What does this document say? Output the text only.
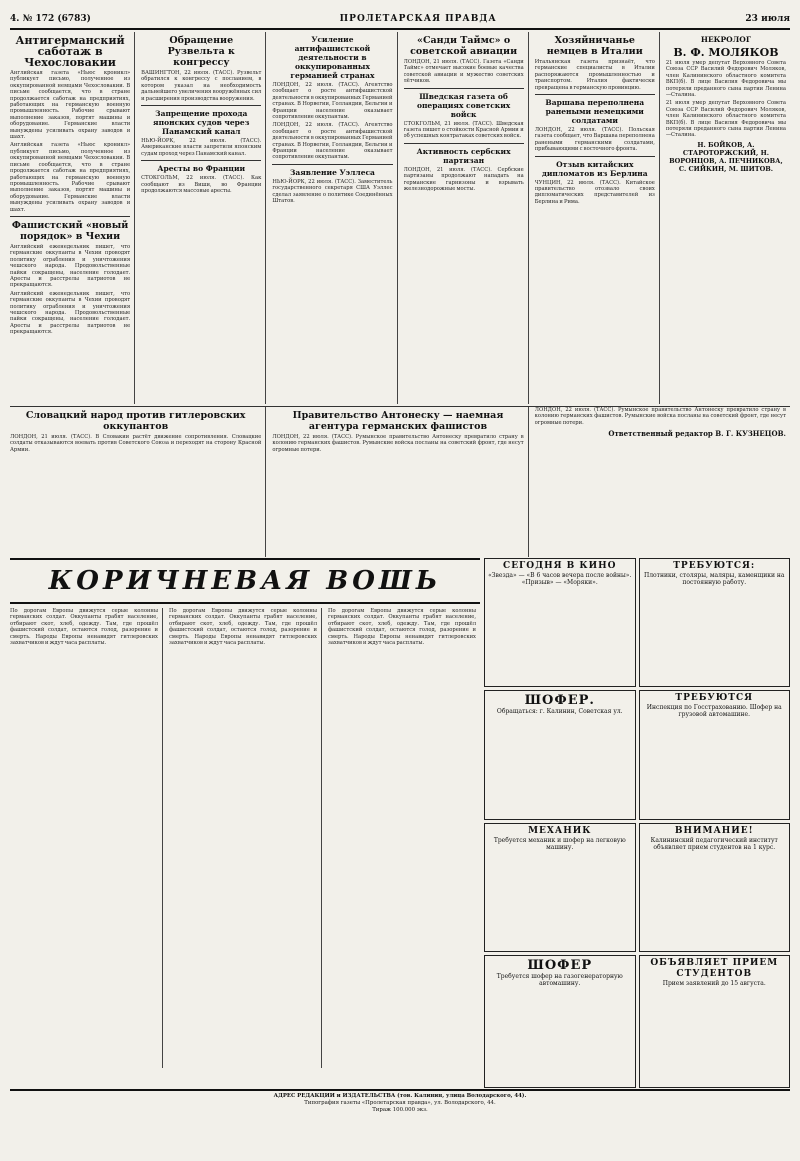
4. № 172 (6783)	ПРОЛЕТАРСКАЯ ПРАВДА	23 июля
Антигерманский саботаж в Чехословакии

Английская газета «Ньюс кроникл» публикует письмо, полученное из оккупированной немцами Чехословакии. В письме сообщается, что в стране продолжается саботаж на предприятиях, работающих на германскую военную промышленность. Рабочие срывают выполнение заказов, портят машины и оборудование. Германские власти вынуждены усиливать охрану заводов и шахт.

Английская газета «Ньюс кроникл» публикует письмо, полученное из оккупированной немцами Чехословакии. В письме сообщается, что в стране продолжается саботаж на предприятиях, работающих на германскую военную промышленность. Рабочие срывают выполнение заказов, портят машины и оборудование. Германские власти вынуждены усиливать охрану заводов и шахт.

Фашистский «новый порядок» в Чехии

Английский еженедельник пишет, что германские оккупанты в Чехии проводят политику ограбления и уничтожения чешского народа. Продовольственные пайки сокращены, население голодает. Аресты и расстрелы патриотов не прекращаются.

Английский еженедельник пишет, что германские оккупанты в Чехии проводят политику ограбления и уничтожения чешского народа. Продовольственные пайки сокращены, население голодает. Аресты и расстрелы патриотов не прекращаются.

Обращение Рузвельта к конгрессу

ВАШИНГТОН, 22 июля. (ТАСС). Рузвельт обратился к конгрессу с посланием, в котором указал на необходимость дальнейшего увеличения вооружённых сил и расширения производства вооружения.

Запрещение прохода японских судов через Панамский канал

НЬЮ-ЙОРК, 22 июля. (ТАСС). Американские власти запретили японским судам проход через Панамский канал.

Аресты во Франции

СТОКГОЛЬМ, 22 июля. (ТАСС). Как сообщают из Виши, во Франции продолжаются массовые аресты.

Усиление антифашистской деятельности в оккупированных германией странах

ЛОНДОН, 22 июля. (ТАСС). Агентство сообщает о росте антифашистской деятельности в оккупированных Германией странах. В Норвегии, Голландии, Бельгии и Франции население оказывает сопротивление оккупантам.

ЛОНДОН, 22 июля. (ТАСС). Агентство сообщает о росте антифашистской деятельности в оккупированных Германией странах. В Норвегии, Голландии, Бельгии и Франции население оказывает сопротивление оккупантам.

Заявление Уэллеса

НЬЮ-ЙОРК, 22 июля. (ТАСС). Заместитель государственного секретаря США Уэллес сделал заявление о политике Соединённых Штатов.

«Санди Таймс» о советской авиации

ЛОНДОН, 21 июля. (ТАСС). Газета «Санди Таймс» отмечает высокие боевые качества советской авиации и мужество советских лётчиков.

Шведская газета об операциях советских войск

СТОКГОЛЬМ, 21 июля. (ТАСС). Шведская газета пишет о стойкости Красной Армии и об успешных контратаках советских войск.

Активность сербских партизан

ЛОНДОН, 21 июля. (ТАСС). Сербские партизаны продолжают нападать на германские гарнизоны и взрывать железнодорожные мосты.

Хозяйничанье немцев в Италии

Итальянская газета признаёт, что германские специалисты в Италии распоряжаются промышленностью и транспортом. Италия фактически превращена в германскую провинцию.

Варшава переполнена ранеными немецкими солдатами

ЛОНДОН, 22 июля. (ТАСС). Польская газета сообщает, что Варшава переполнена ранеными германскими солдатами, прибывающими с восточного фронта.

Отзыв китайских дипломатов из Берлина

ЧУНЦИН, 22 июля. (ТАСС). Китайское правительство отозвало своих дипломатических представителей из Берлина и Рима.

НЕКРОЛОГ
В. Ф. МОЛЯКОВ

21 июля умер депутат Верховного Совета Союза ССР Василий Федорович Моляков, член Калининского областного комитета ВКП(б). В лице Василия Федоровича мы потеряли преданного сына партии Ленина—Сталина.

21 июля умер депутат Верховного Совета Союза ССР Василий Федорович Моляков, член Калининского областного комитета ВКП(б). В лице Василия Федоровича мы потеряли преданного сына партии Ленина—Сталина.

Н. БОЙКОВ, А. СТАРОТОРЖСКИЙ, Н. ВОРОНЦОВ, А. ПЕЧНИКОВА, С. СИЙКИН, М. ШИТОВ.
Словацкий народ против гитлеровских оккупантов

ЛОНДОН, 21 июля. (ТАСС). В Словакии растёт движение сопротивления. Словацкие солдаты отказываются воевать против Советского Союза и переходят на сторону Красной Армии.

Правительство Антонеску — наемная агентура германских фашистов

ЛОНДОН, 22 июля. (ТАСС). Румынское правительство Антонеску превратило страну в колонию германских фашистов. Румынские войска посланы на советский фронт, где несут огромные потери.

ЛОНДОН, 22 июля. (ТАСС). Румынское правительство Антонеску превратило страну в колонию германских фашистов. Румынские войска посланы на советский фронт, где несут огромные потери.

Ответственный редактор В. Г. КУЗНЕЦОВ.
КОРИЧНЕВАЯ ВОШЬ

По дорогам Европы движутся серые колонны германских солдат. Оккупанты грабят население, отбирают скот, хлеб, одежду. Там, где прошёл фашистский солдат, остаются голод, разорение и смерть. Народы Европы ненавидят гитлеровских захватчиков и ждут часа расплаты.

По дорогам Европы движутся серые колонны германских солдат. Оккупанты грабят население, отбирают скот, хлеб, одежду. Там, где прошёл фашистский солдат, остаются голод, разорение и смерть. Народы Европы ненавидят гитлеровских захватчиков и ждут часа расплаты.

По дорогам Европы движутся серые колонны германских солдат. Оккупанты грабят население, отбирают скот, хлеб, одежду. Там, где прошёл фашистский солдат, остаются голод, разорение и смерть. Народы Европы ненавидят гитлеровских захватчиков и ждут часа расплаты.

СЕГОДНЯ В КИНО
«Звезда» — «В 6 часов вечера после войны». «Призыв» — «Моряки».
ТРЕБУЮТСЯ:
Плотники, столяры, маляры, каменщики на постоянную работу.
ШОФЕР.
Обращаться: г. Калинин, Советская ул.
ТРЕБУЮТСЯ
Инспекция по Госстрахованию. Шофер на грузовой автомашине.
МЕХАНИК
Требуется механик и шофер на легковую машину.
ВНИМАНИЕ!
Калининский педагогический институт объявляет прием студентов на 1 курс.
ШОФЕР
Требуется шофер на газогенераторную автомашину.
ОБЪЯВЛЯЕТ ПРИЕМ СТУДЕНТОВ
Прием заявлений до 15 августа.
АДРЕС РЕДАКЦИИ и ИЗДАТЕЛЬСТВА (тов. Калинин, улица Володарского, 44).
Типография газеты «Пролетарская правда», ул. Володарского, 44.
Тираж 100.000 экз.
